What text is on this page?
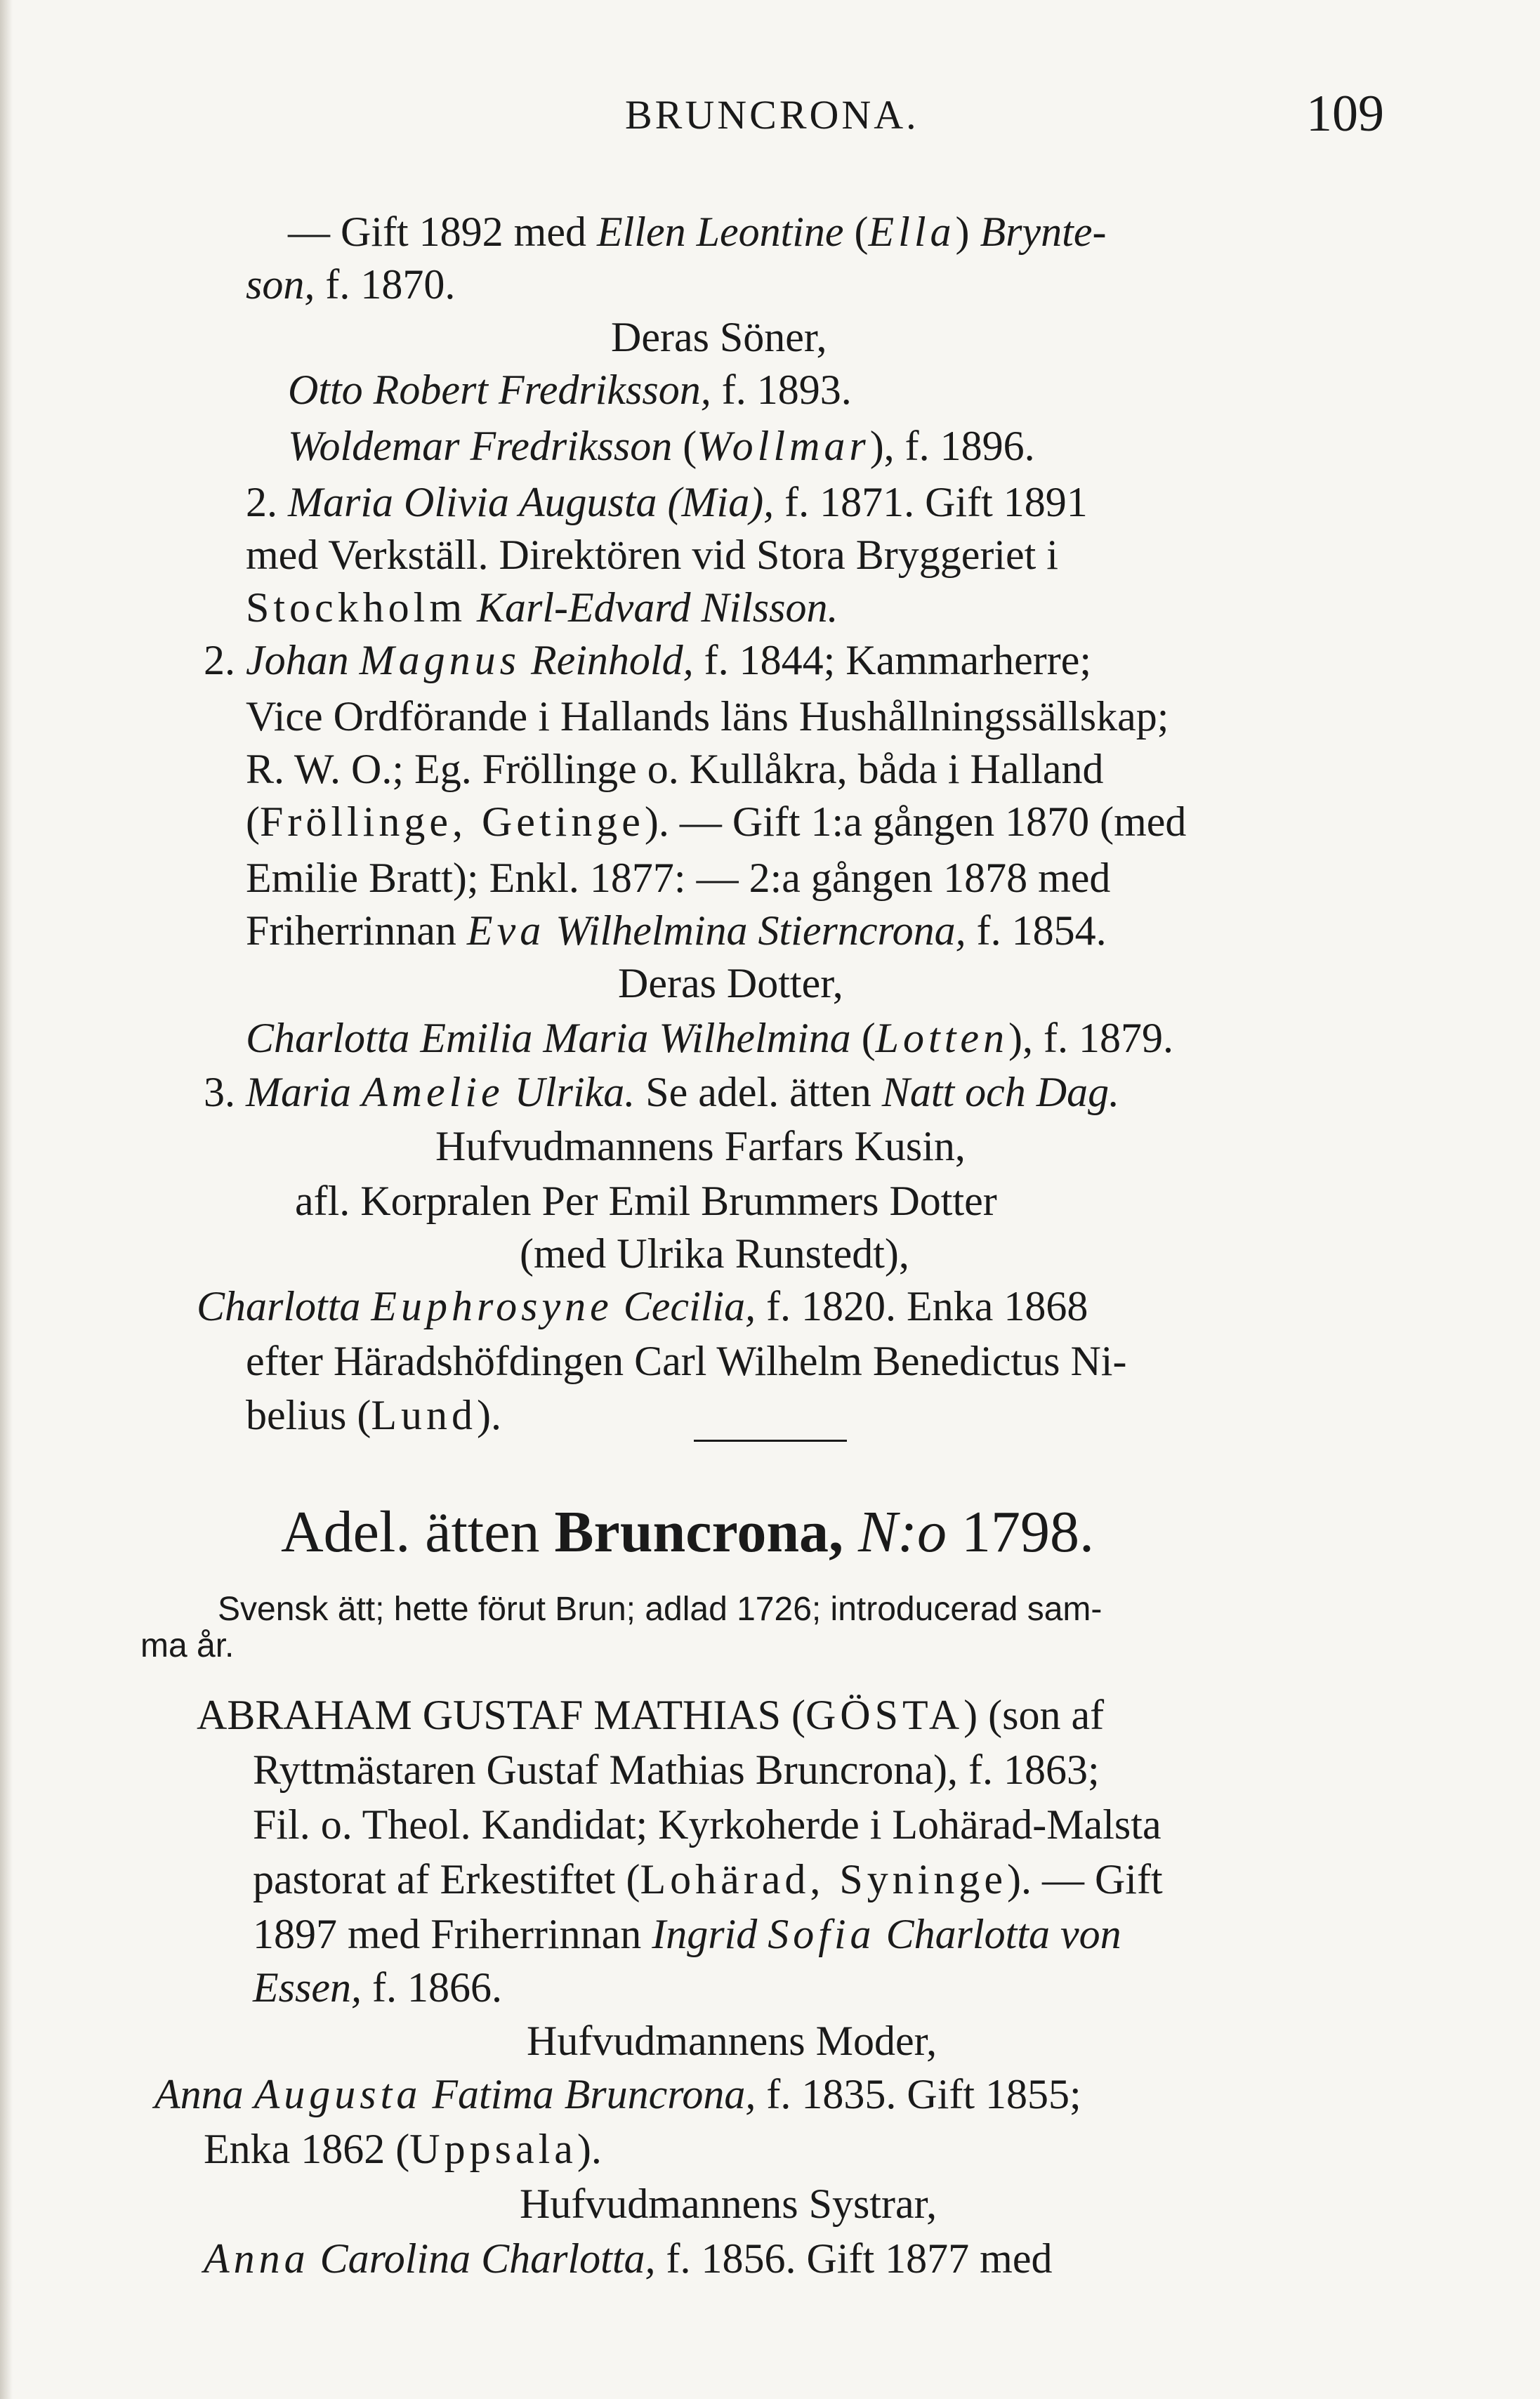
BRUNCRONA.	109
— Gift 1892 med Ellen Leontine (Ella) Brynte-
son, f. 1870.
Deras Söner,
Otto Robert Fredriksson, f. 1893.
Woldemar Fredriksson (Wollmar), f. 1896.
2. Maria Olivia Augusta (Mia), f. 1871. Gift 1891
med Verkställ. Direktören vid Stora Bryggeriet i
Stockholm Karl-Edvard Nilsson.
2. Johan Magnus Reinhold, f. 1844; Kammarherre;
Vice Ordförande i Hallands läns Hushållningssällskap;
R. W. O.; Eg. Fröllinge o. Kullåkra, båda i Halland
(Fröllinge, Getinge). — Gift 1:a gången 1870 (med
Emilie Bratt); Enkl. 1877: — 2:a gången 1878 med
Friherrinnan Eva Wilhelmina Stierncrona, f. 1854.
Deras Dotter,
Charlotta Emilia Maria Wilhelmina (Lotten), f. 1879.
3. Maria Amelie Ulrika. Se adel. ätten Natt och Dag.
Hufvudmannens Farfars Kusin,
afl. Korpralen Per Emil Brummers Dotter
(med Ulrika Runstedt),
Charlotta Euphrosyne Cecilia, f. 1820. Enka 1868
efter Häradshöfdingen Carl Wilhelm Benedictus Ni-
belius (Lund).
Adel. ätten Bruncrona, N:o 1798.
Svensk ätt; hette förut Brun; adlad 1726; introducerad sam-
ma år.
ABRAHAM GUSTAF MATHIAS (GÖSTA) (son af
Ryttmästaren Gustaf Mathias Bruncrona), f. 1863;
Fil. o. Theol. Kandidat; Kyrkoherde i Lohärad-Malsta
pastorat af Erkestiftet (Lohärad, Syninge). — Gift
1897 med Friherrinnan Ingrid Sofia Charlotta von
Essen, f. 1866.
Hufvudmannens Moder,
Anna Augusta Fatima Bruncrona, f. 1835. Gift 1855;
Enka 1862 (Uppsala).
Hufvudmannens Systrar,
Anna Carolina Charlotta, f. 1856. Gift 1877 med
